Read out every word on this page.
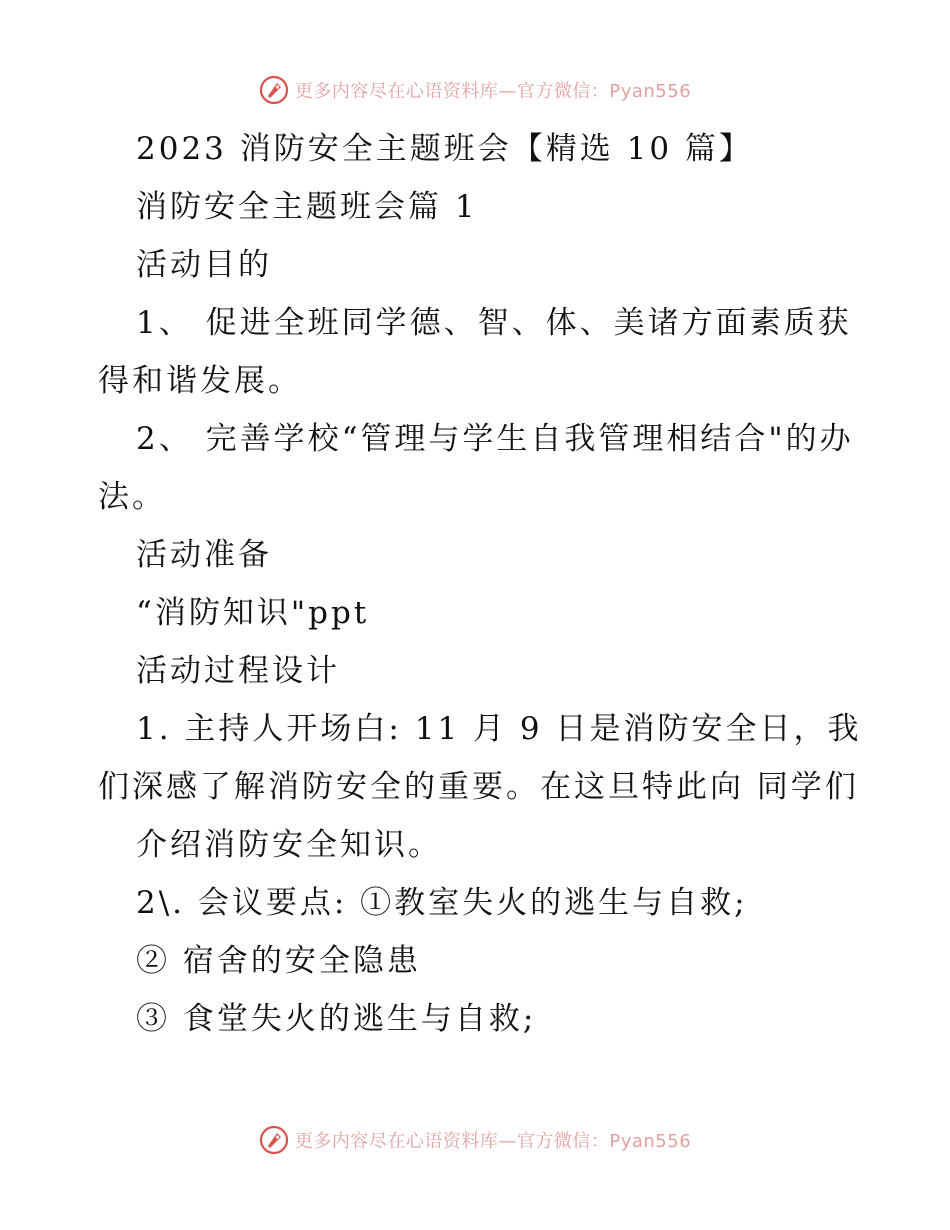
更多内容尽在心语资料库—官方微信：Pyan556

2023 消防安全主题班会【精选 10 篇】

消防安全主题班会篇 1

活动目的

1、 促进全班同学德、智、体、美诸方面素质获得和谐发展。

2、 完善学校“管理与学生自我管理相结合"的办法。

活动准备

“消防知识"ppt

活动过程设计

1. 主持人开场白: 11 月 9 日是消防安全日，我们深感了解消防安全的重要。在这旦特此向 同学们

介绍消防安全知识。

2\. 会议要点: ①教室失火的逃生与自救;

② 宿舍的安全隐患

③ 食堂失火的逃生与自救;

更多内容尽在心语资料库—官方微信：Pyan556
